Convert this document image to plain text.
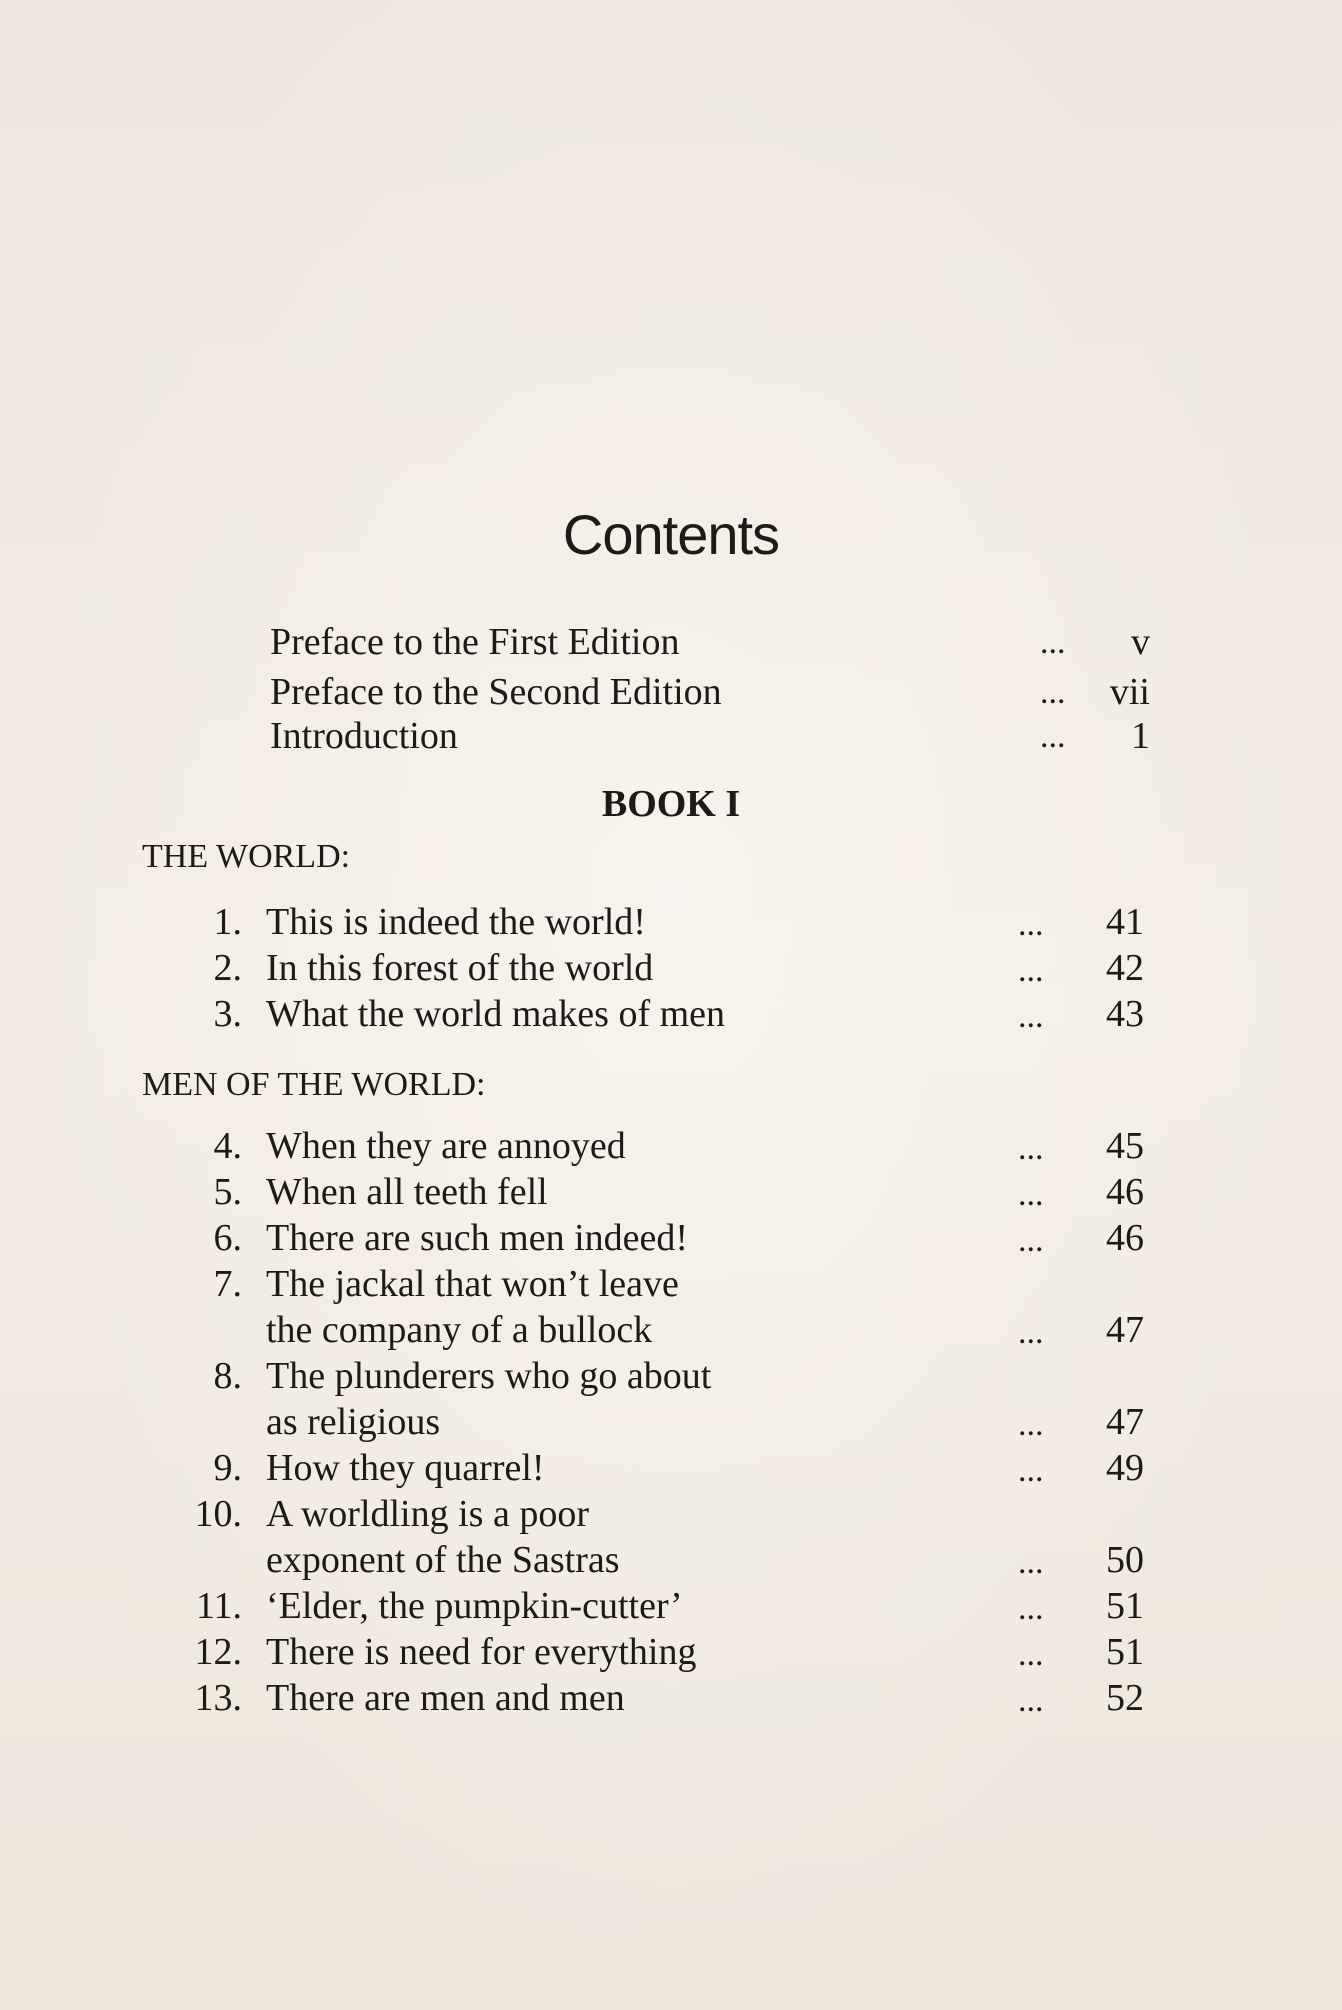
Contents
Preface to the First Edition	...	v
Preface to the Second Edition	...	vii
Introduction	...	1
BOOK I
THE WORLD:
1. This is indeed the world!	...	41
2. In this forest of the world	...	42
3. What the world makes of men	...	43
MEN OF THE WORLD:
4. When they are annoyed	...	45
5. When all teeth fell	...	46
6. There are such men indeed!	...	46
7. The jackal that won’t leave
the company of a bullock	...	47
8. The plunderers who go about
as religious	...	47
9. How they quarrel!	...	49
10. A worldling is a poor
exponent of the Sastras	...	50
11. ‘Elder, the pumpkin-cutter’	...	51
12. There is need for everything	...	51
13. There are men and men	...	52
